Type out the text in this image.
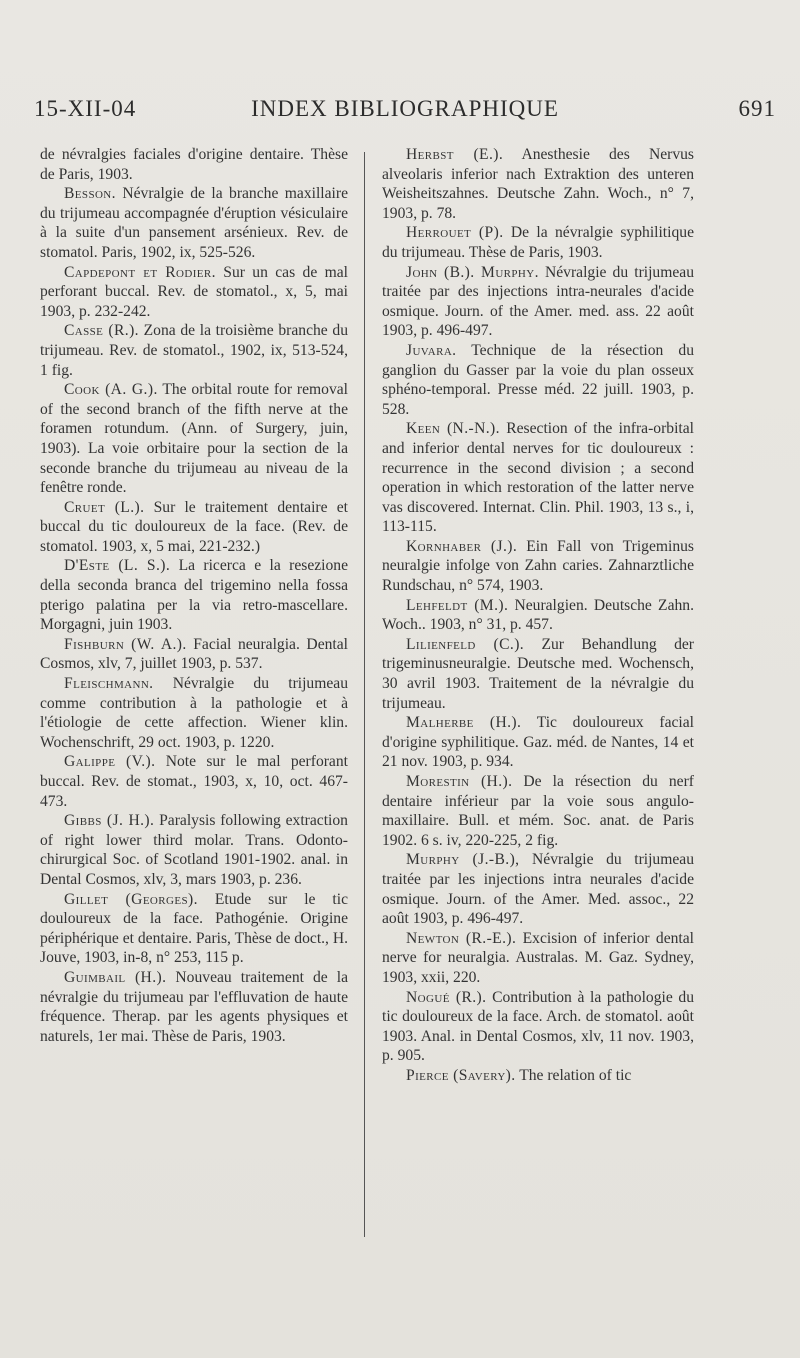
15-XII-04	INDEX BIBLIOGRAPHIQUE	691

de névralgies faciales d'origine dentaire. Thèse de Paris, 1903.

Besson. Névralgie de la branche maxillaire du trijumeau accompagnée d'éruption vésiculaire à la suite d'un pansement arsénieux. Rev. de stomatol. Paris, 1902, ix, 525-526.

Capdepont et Rodier. Sur un cas de mal perforant buccal. Rev. de stomatol., x, 5, mai 1903, p. 232-242.

Casse (R.). Zona de la troisième branche du trijumeau. Rev. de stomatol., 1902, ix, 513-524, 1 fig.

Cook (A. G.). The orbital route for removal of the second branch of the fifth nerve at the foramen rotundum. (Ann. of Surgery, juin, 1903). La voie orbitaire pour la section de la seconde branche du trijumeau au niveau de la fenêtre ronde.

Cruet (L.). Sur le traitement dentaire et buccal du tic douloureux de la face. (Rev. de stomatol. 1903, x, 5 mai, 221-232.)

D'Este (L. S.). La ricerca e la resezione della seconda branca del trigemino nella fossa pterigo palatina per la via retro-mascellare. Morgagni, juin 1903.

Fishburn (W. A.). Facial neuralgia. Dental Cosmos, xlv, 7, juillet 1903, p. 537.

Fleischmann. Névralgie du trijumeau comme contribution à la pathologie et à l'étiologie de cette affection. Wiener klin. Wochenschrift, 29 oct. 1903, p. 1220.

Galippe (V.). Note sur le mal perforant buccal. Rev. de stomat., 1903, x, 10, oct. 467-473.

Gibbs (J. H.). Paralysis following extraction of right lower third molar. Trans. Odonto-chirurgical Soc. of Scotland 1901-1902. anal. in Dental Cosmos, xlv, 3, mars 1903, p. 236.

Gillet (Georges). Etude sur le tic douloureux de la face. Pathogénie. Origine périphérique et dentaire. Paris, Thèse de doct., H. Jouve, 1903, in-8, n° 253, 115 p.

Guimbail (H.). Nouveau traitement de la névralgie du trijumeau par l'effluvation de haute fréquence. Therap. par les agents physiques et naturels, 1er mai. Thèse de Paris, 1903.

Herbst (E.). Anesthesie des Nervus alveolaris inferior nach Extraktion des unteren Weisheitszahnes. Deutsche Zahn. Woch., n° 7, 1903, p. 78.

Herrouet (P). De la névralgie syphilitique du trijumeau. Thèse de Paris, 1903.

John (B.). Murphy. Névralgie du trijumeau traitée par des injections intra-neurales d'acide osmique. Journ. of the Amer. med. ass. 22 août 1903, p. 496-497.

Juvara. Technique de la résection du ganglion du Gasser par la voie du plan osseux sphéno-temporal. Presse méd. 22 juill. 1903, p. 528.

Keen (N.-N.). Resection of the infra-orbital and inferior dental nerves for tic douloureux : recurrence in the second division ; a second operation in which restoration of the latter nerve vas discovered. Internat. Clin. Phil. 1903, 13 s., i, 113-115.

Kornhaber (J.). Ein Fall von Trigeminus neuralgie infolge von Zahn caries. Zahnarztliche Rundschau, n° 574, 1903.

Lehfeldt (M.). Neuralgien. Deutsche Zahn. Woch.. 1903, n° 31, p. 457.

Lilienfeld (C.). Zur Behandlung der trigeminusneuralgie. Deutsche med. Wochensch, 30 avril 1903. Traitement de la névralgie du trijumeau.

Malherbe (H.). Tic douloureux facial d'origine syphilitique. Gaz. méd. de Nantes, 14 et 21 nov. 1903, p. 934.

Morestin (H.). De la résection du nerf dentaire inférieur par la voie sous angulo-maxillaire. Bull. et mém. Soc. anat. de Paris 1902. 6 s. iv, 220-225, 2 fig.

Murphy (J.-B.), Névralgie du trijumeau traitée par les injections intra neurales d'acide osmique. Journ. of the Amer. Med. assoc., 22 août 1903, p. 496-497.

Newton (R.-E.). Excision of inferior dental nerve for neuralgia. Australas. M. Gaz. Sydney, 1903, xxii, 220.

Nogué (R.). Contribution à la pathologie du tic douloureux de la face. Arch. de stomatol. août 1903. Anal. in Dental Cosmos, xlv, 11 nov. 1903, p. 905.

Pierce (Savery). The relation of tic
